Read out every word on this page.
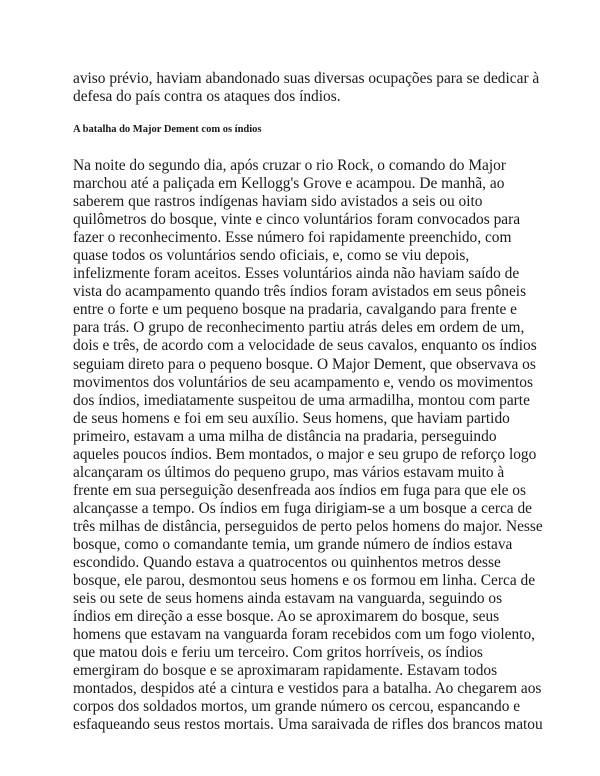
aviso prévio, haviam abandonado suas diversas ocupações para se dedicar à
defesa do país contra os ataques dos índios.

A batalha do Major Dement com os índios

Na noite do segundo dia, após cruzar o rio Rock, o comando do Major
marchou até a paliçada em Kellogg's Grove e acampou. De manhã, ao
saberem que rastros indígenas haviam sido avistados a seis ou oito
quilômetros do bosque, vinte e cinco voluntários foram convocados para
fazer o reconhecimento. Esse número foi rapidamente preenchido, com
quase todos os voluntários sendo oficiais, e, como se viu depois,
infelizmente foram aceitos. Esses voluntários ainda não haviam saído de
vista do acampamento quando três índios foram avistados em seus pôneis
entre o forte e um pequeno bosque na pradaria, cavalgando para frente e
para trás. O grupo de reconhecimento partiu atrás deles em ordem de um,
dois e três, de acordo com a velocidade de seus cavalos, enquanto os índios
seguiam direto para o pequeno bosque. O Major Dement, que observava os
movimentos dos voluntários de seu acampamento e, vendo os movimentos
dos índios, imediatamente suspeitou de uma armadilha, montou com parte
de seus homens e foi em seu auxílio. Seus homens, que haviam partido
primeiro, estavam a uma milha de distância na pradaria, perseguindo
aqueles poucos índios. Bem montados, o major e seu grupo de reforço logo
alcançaram os últimos do pequeno grupo, mas vários estavam muito à
frente em sua perseguição desenfreada aos índios em fuga para que ele os
alcançasse a tempo. Os índios em fuga dirigiam-se a um bosque a cerca de
três milhas de distância, perseguidos de perto pelos homens do major. Nesse
bosque, como o comandante temia, um grande número de índios estava
escondido. Quando estava a quatrocentos ou quinhentos metros desse
bosque, ele parou, desmontou seus homens e os formou em linha. Cerca de
seis ou sete de seus homens ainda estavam na vanguarda, seguindo os
índios em direção a esse bosque. Ao se aproximarem do bosque, seus
homens que estavam na vanguarda foram recebidos com um fogo violento,
que matou dois e feriu um terceiro. Com gritos horríveis, os índios
emergiram do bosque e se aproximaram rapidamente. Estavam todos
montados, despidos até a cintura e vestidos para a batalha. Ao chegarem aos
corpos dos soldados mortos, um grande número os cercou, espancando e
esfaqueando seus restos mortais. Uma saraivada de rifles dos brancos matou
